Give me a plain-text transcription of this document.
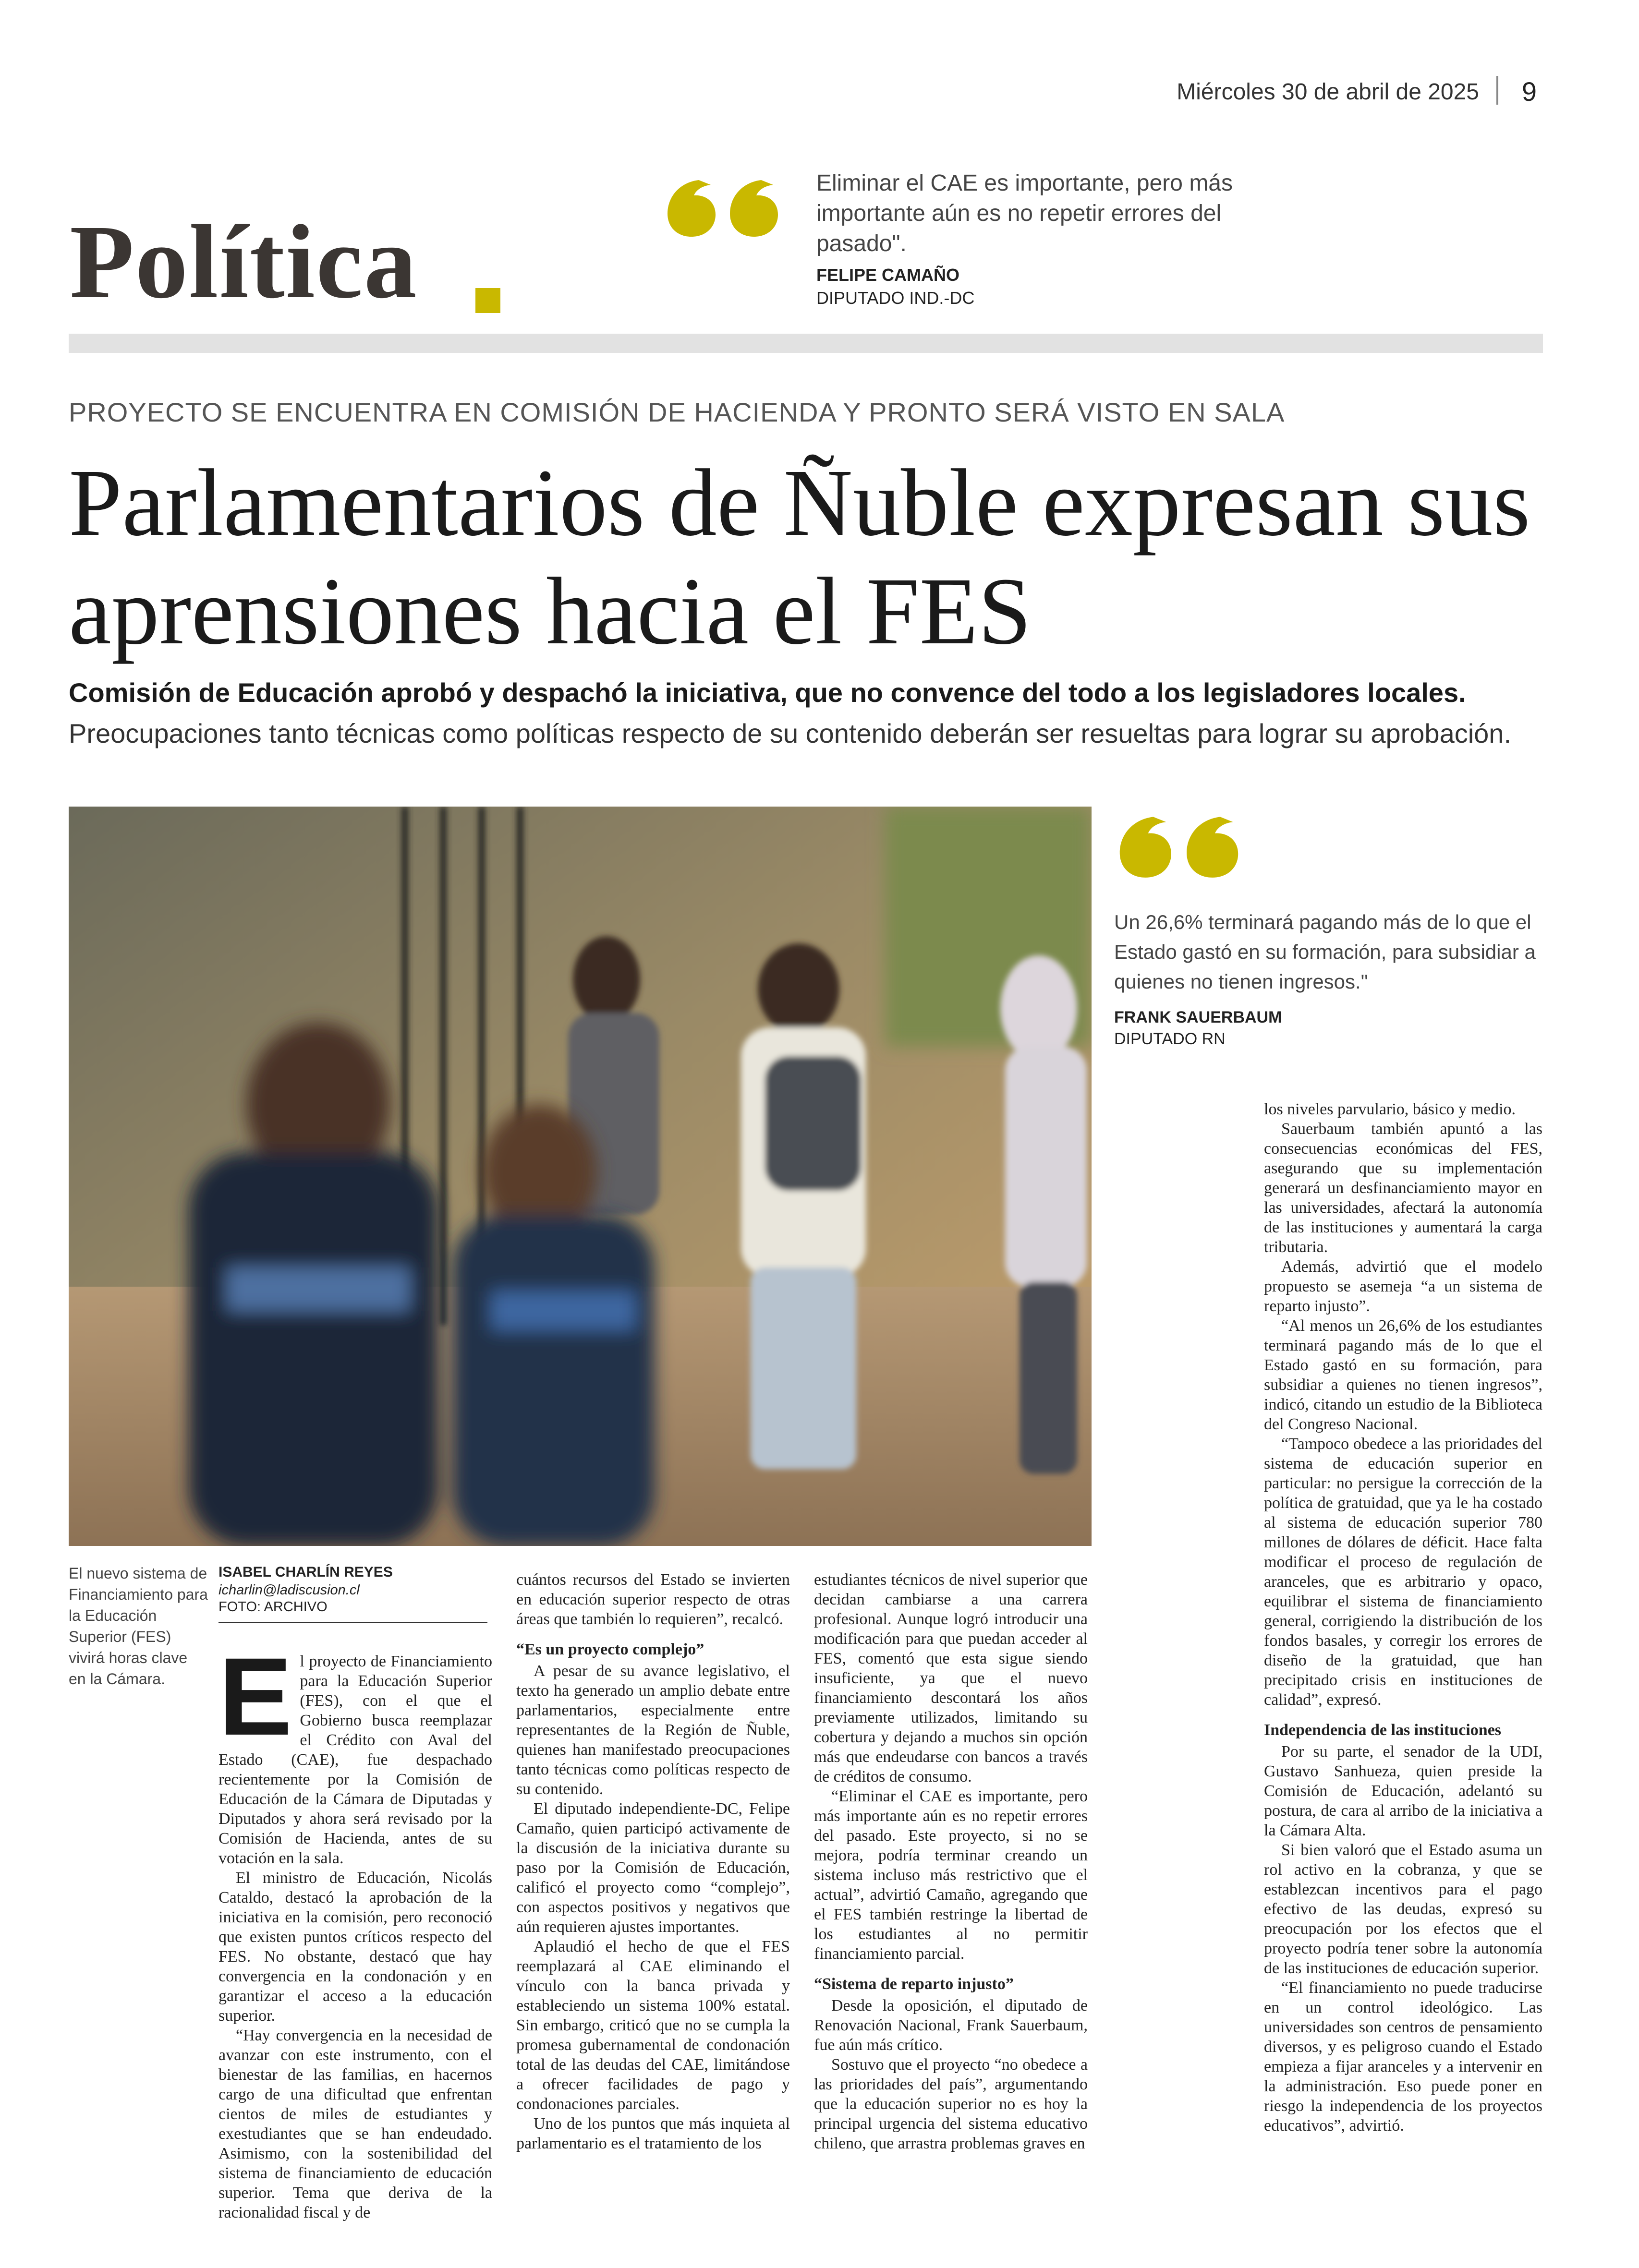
Miércoles 30 de abril de 2025 9
Política
Eliminar el CAE es importante, pero más importante aún es no repetir errores del pasado".
FELIPE CAMAÑO
DIPUTADO IND.-DC
PROYECTO SE ENCUENTRA EN COMISIÓN DE HACIENDA Y PRONTO SERÁ VISTO EN SALA
Parlamentarios de Ñuble expresan sus aprensiones hacia el FES
Comisión de Educación aprobó y despachó la iniciativa, que no convence del todo a los legisladores locales.
Preocupaciones tanto técnicas como políticas respecto de su contenido deberán ser resueltas para lograr su aprobación.
Un 26,6% terminará pagando más de lo que el Estado gastó en su formación, para subsidiar a quienes no tienen ingresos."
FRANK SAUERBAUM
DIPUTADO RN
El nuevo sistema de Financiamiento para la Educación Superior (FES) vivirá horas clave en la Cámara.
ISABEL CHARLÍN REYES
icharlin@ladiscusion.cl
FOTO: ARCHIVO
E l proyecto de Financiamiento para la Educación Superior (FES), con el que el Gobierno busca reemplazar el Crédito con Aval del Estado (CAE), fue despachado recientemente por la Comisión de Educación de la Cámara de Diputadas y Diputados y ahora será revisado por la Comisión de Hacienda, antes de su votación en la sala.

El ministro de Educación, Nicolás Cataldo, destacó la aprobación de la iniciativa en la comisión, pero reconoció que existen puntos críticos respecto del FES. No obstante, destacó que hay convergencia en la condonación y en garantizar el acceso a la educación superior.

“Hay convergencia en la necesidad de avanzar con este instrumento, con el bienestar de las familias, en hacernos cargo de una dificultad que enfrentan cientos de miles de estudiantes y exestudiantes que se han endeudado. Asimismo, con la sostenibilidad del sistema de financiamiento de educación superior. Tema que deriva de la racionalidad fiscal y de

cuántos recursos del Estado se invierten en educación superior respecto de otras áreas que también lo requieren”, recalcó.

“Es un proyecto complejo”

A pesar de su avance legislativo, el texto ha generado un amplio debate entre parlamentarios, especialmente entre representantes de la Región de Ñuble, quienes han manifestado preocupaciones tanto técnicas como políticas respecto de su contenido.

El diputado independiente-DC, Felipe Camaño, quien participó activamente de la discusión de la iniciativa durante su paso por la Comisión de Educación, calificó el proyecto como “complejo”, con aspectos positivos y negativos que aún requieren ajustes importantes.

Aplaudió el hecho de que el FES reemplazará al CAE eliminando el vínculo con la banca privada y estableciendo un sistema 100% estatal. Sin embargo, criticó que no se cumpla la promesa gubernamental de condonación total de las deudas del CAE, limitándose a ofrecer facilidades de pago y condonaciones parciales.

Uno de los puntos que más inquieta al parlamentario es el tratamiento de los

estudiantes técnicos de nivel superior que decidan cambiarse a una carrera profesional. Aunque logró introducir una modificación para que puedan acceder al FES, comentó que esta sigue siendo insuficiente, ya que el nuevo financiamiento descontará los años previamente utilizados, limitando su cobertura y dejando a muchos sin opción más que endeudarse con bancos a través de créditos de consumo.

“Eliminar el CAE es importante, pero más importante aún es no repetir errores del pasado. Este proyecto, si no se mejora, podría terminar creando un sistema incluso más restrictivo que el actual”, advirtió Camaño, agregando que el FES también restringe la libertad de los estudiantes al no permitir financiamiento parcial.

“Sistema de reparto injusto”

Desde la oposición, el diputado de Renovación Nacional, Frank Sauerbaum, fue aún más crítico.

Sostuvo que el proyecto “no obedece a las prioridades del país”, argumentando que la educación superior no es hoy la principal urgencia del sistema educativo chileno, que arrastra problemas graves en

los niveles parvulario, básico y medio.

Sauerbaum también apuntó a las consecuencias económicas del FES, asegurando que su implementación generará un desfinanciamiento mayor en las universidades, afectará la autonomía de las instituciones y aumentará la carga tributaria.

Además, advirtió que el modelo propuesto se asemeja “a un sistema de reparto injusto”.

“Al menos un 26,6% de los estudiantes terminará pagando más de lo que el Estado gastó en su formación, para subsidiar a quienes no tienen ingresos”, indicó, citando un estudio de la Biblioteca del Congreso Nacional.

“Tampoco obedece a las prioridades del sistema de educación superior en particular: no persigue la corrección de la política de gratuidad, que ya le ha costado al sistema de educación superior 780 millones de dólares de déficit. Hace falta modificar el proceso de regulación de aranceles, que es arbitrario y opaco, equilibrar el sistema de financiamiento general, corrigiendo la distribución de los fondos basales, y corregir los errores de diseño de la gratuidad, que han precipitado crisis en instituciones de calidad”, expresó.

Independencia de las instituciones

Por su parte, el senador de la UDI, Gustavo Sanhueza, quien preside la Comisión de Educación, adelantó su postura, de cara al arribo de la iniciativa a la Cámara Alta.

Si bien valoró que el Estado asuma un rol activo en la cobranza, y que se establezcan incentivos para el pago efectivo de las deudas, expresó su preocupación por los efectos que el proyecto podría tener sobre la autonomía de las instituciones de educación superior.

“El financiamiento no puede traducirse en un control ideológico. Las universidades son centros de pensamiento diversos, y es peligroso cuando el Estado empieza a fijar aranceles y a intervenir en la administración. Eso puede poner en riesgo la independencia de los proyectos educativos”, advirtió.
